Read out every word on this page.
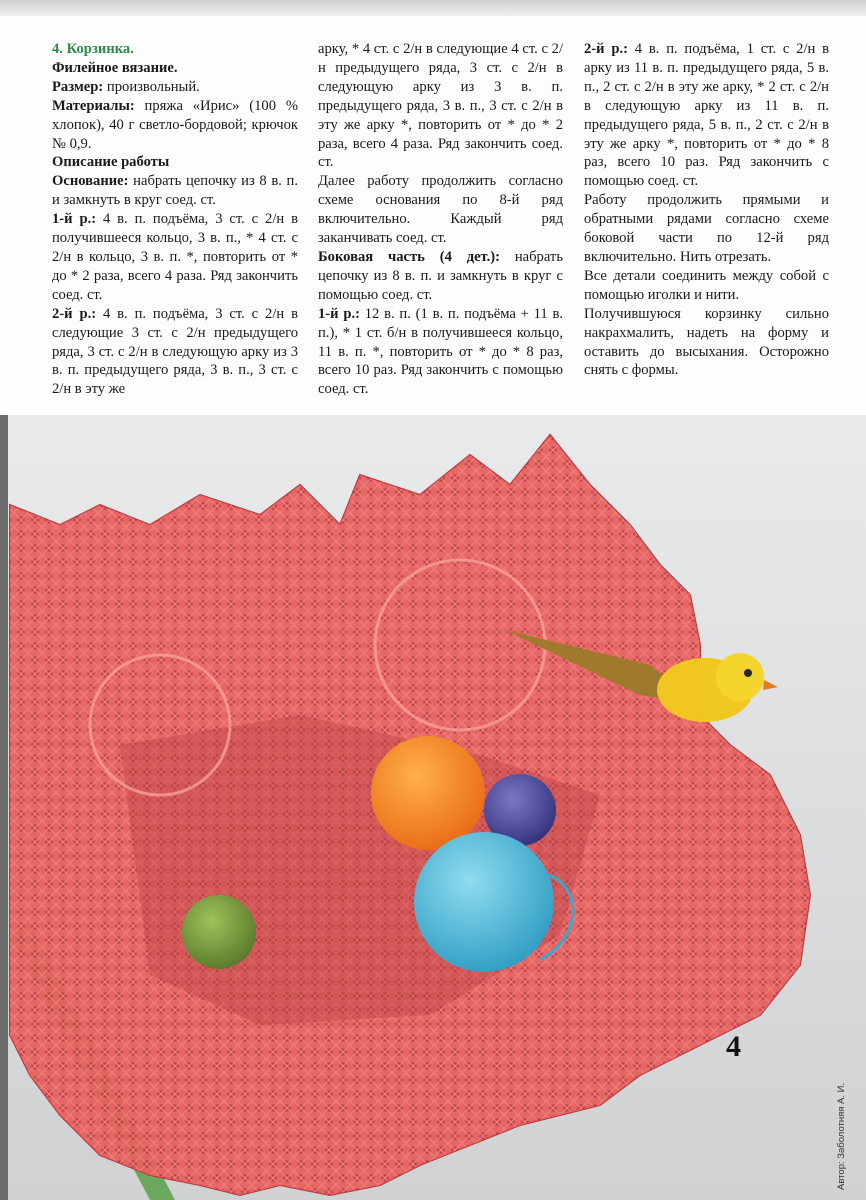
4. Корзинка.

Филейное вязание.

Размер: произвольный.

Материалы: пряжа «Ирис» (100 % хлопок), 40 г светло-бордовой; крючок № 0,9.

Описание работы

Основание: набрать цепочку из 8 в. п. и замкнуть в круг соед. ст.

1-й р.: 4 в. п. подъёма, 3 ст. с 2/н в получившееся кольцо, 3 в. п., * 4 ст. с 2/н в кольцо, 3 в. п. *, повторить от * до * 2 раза, всего 4 раза. Ряд закончить соед. ст.

2-й р.: 4 в. п. подъёма, 3 ст. с 2/н в следующие 3 ст. с 2/н предыдущего ряда, 3 ст. с 2/н в следующую арку из 3 в. п. предыдущего ряда, 3 в. п., 3 ст. с 2/н в эту же

арку, * 4 ст. с 2/н в следующие 4 ст. с 2/н предыдущего ряда, 3 ст. с 2/н в следующую арку из 3 в. п. предыдущего ряда, 3 в. п., 3 ст. с 2/н в эту же арку *, повторить от * до * 2 раза, всего 4 раза. Ряд закончить соед. ст.

Далее работу продолжить согласно схеме основания по 8-й ряд включительно. Каждый ряд заканчивать соед. ст.

Боковая часть (4 дет.): набрать цепочку из 8 в. п. и замкнуть в круг с помощью соед. ст.

1-й р.: 12 в. п. (1 в. п. подъёма + 11 в. п.), * 1 ст. б/н в получившееся кольцо, 11 в. п. *, повторить от * до * 8 раз, всего 10 раз. Ряд закончить с помощью соед. ст.

2-й р.: 4 в. п. подъёма, 1 ст. с 2/н в арку из 11 в. п. предыдущего ряда, 5 в. п., 2 ст. с 2/н в эту же арку, * 2 ст. с 2/н в следующую арку из 11 в. п. предыдущего ряда, 5 в. п., 2 ст. с 2/н в эту же арку *, повторить от * до * 8 раз, всего 10 раз. Ряд закончить с помощью соед. ст.

Работу продолжить прямыми и обратными рядами согласно схеме боковой части по 12-й ряд включительно. Нить отрезать.

Все детали соединить между собой с помощью иголки и нити.

Получившуюся корзинку сильно накрахмалить, надеть на форму и оставить до высыхания. Осторожно снять с формы.

4
Автор: Заболотняя А. И.
